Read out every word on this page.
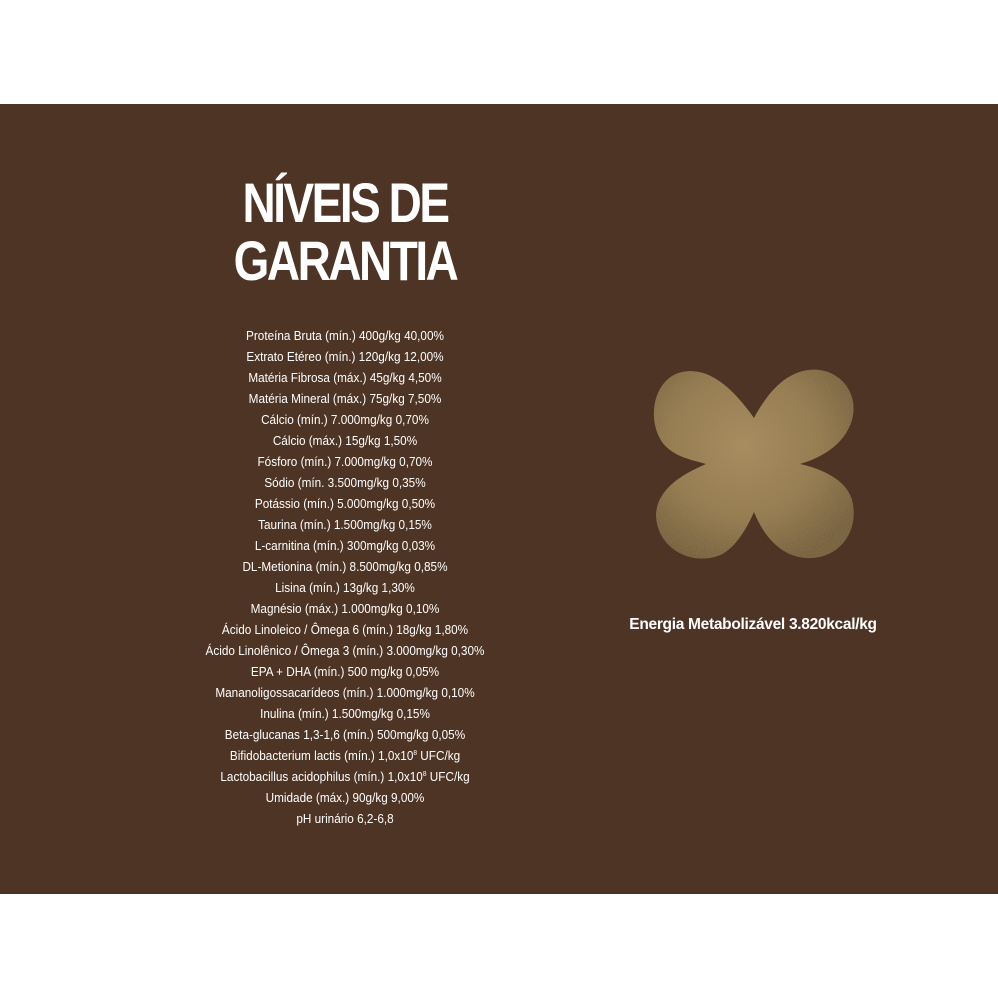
NÍVEIS DE
GARANTIA
Proteína Bruta (mín.) 400g/kg 40,00%
Extrato Etéreo (mín.) 120g/kg 12,00%
Matéria Fibrosa (máx.) 45g/kg 4,50%
Matéria Mineral (máx.) 75g/kg 7,50%
Cálcio (mín.) 7.000mg/kg 0,70%
Cálcio (máx.) 15g/kg 1,50%
Fósforo (mín.) 7.000mg/kg 0,70%
Sódio (mín. 3.500mg/kg 0,35%
Potássio (mín.) 5.000mg/kg 0,50%
Taurina (mín.) 1.500mg/kg 0,15%
L-carnitina (mín.) 300mg/kg 0,03%
DL-Metionina (mín.) 8.500mg/kg 0,85%
Lisina (mín.) 13g/kg 1,30%
Magnésio (máx.) 1.000mg/kg 0,10%
Ácido Linoleico / Ômega 6 (mín.) 18g/kg 1,80%
Ácido Linolênico / Ômega 3 (mín.) 3.000mg/kg 0,30%
EPA + DHA (mín.) 500 mg/kg 0,05%
Mananoligossacarídeos (mín.) 1.000mg/kg 0,10%
Inulina (mín.) 1.500mg/kg 0,15%
Beta-glucanas 1,3-1,6 (mín.) 500mg/kg 0,05%
Bifidobacterium lactis (mín.) $1,0x10^8$ UFC/kg
Lactobacillus acidophilus (mín.) $1,0x10^8$ UFC/kg
Umidade (máx.) 90g/kg 9,00%
pH urinário 6,2-6,8
Energia Metabolizável 3.820kcal/kg
